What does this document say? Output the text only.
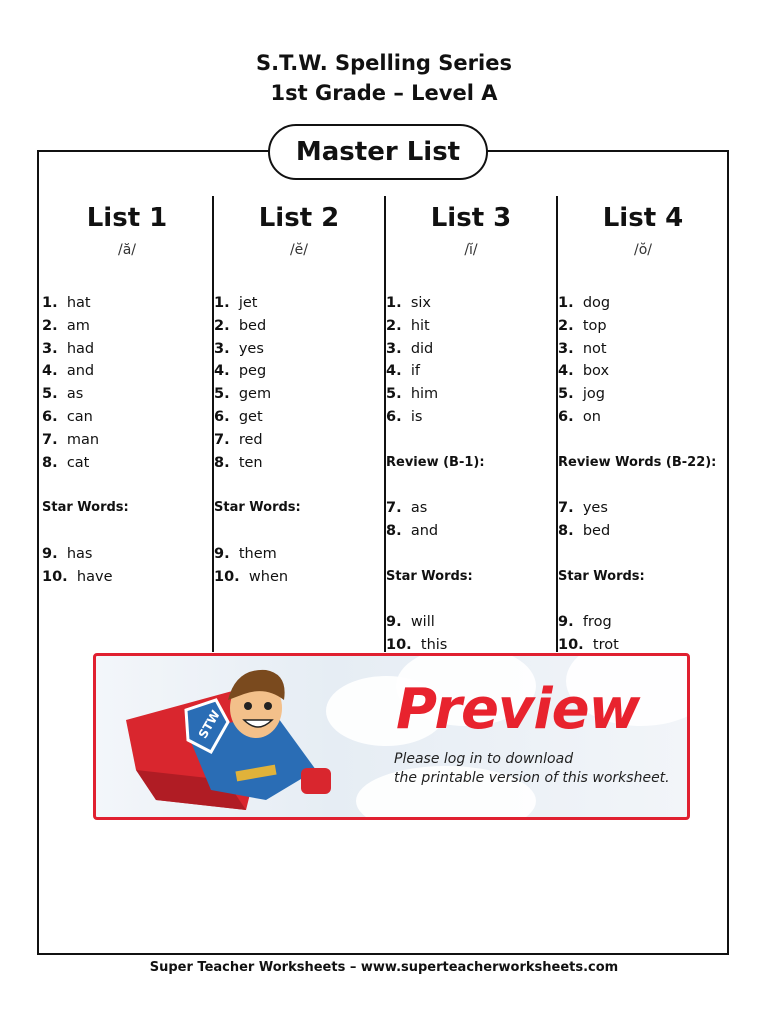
S.T.W. Spelling Series
1st Grade – Level A
Master List
List 1
/ă/
1. hat
2. am
3. had
4. and
5. as
6. can
7. man
8. cat
Star Words:
9. has
10. have
List 2
/ĕ/
1. jet
2. bed
3. yes
4. peg
5. gem
6. get
7. red
8. ten
Star Words:
9. them
10. when
List 3
/ĭ/
1. six
2. hit
3. did
4. if
5. him
6. is
Review (B-1):
7. as
8. and
Star Words:
9. will
10. this
List 4
/ŏ/
1. dog
2. top
3. not
4. box
5. jog
6. on
Review Words (B-22):
7. yes
8. bed
Star Words:
9. frog
10. trot
STW	Preview
Please log in to download
the printable version of this worksheet.
Super Teacher Worksheets – www.superteacherworksheets.com
